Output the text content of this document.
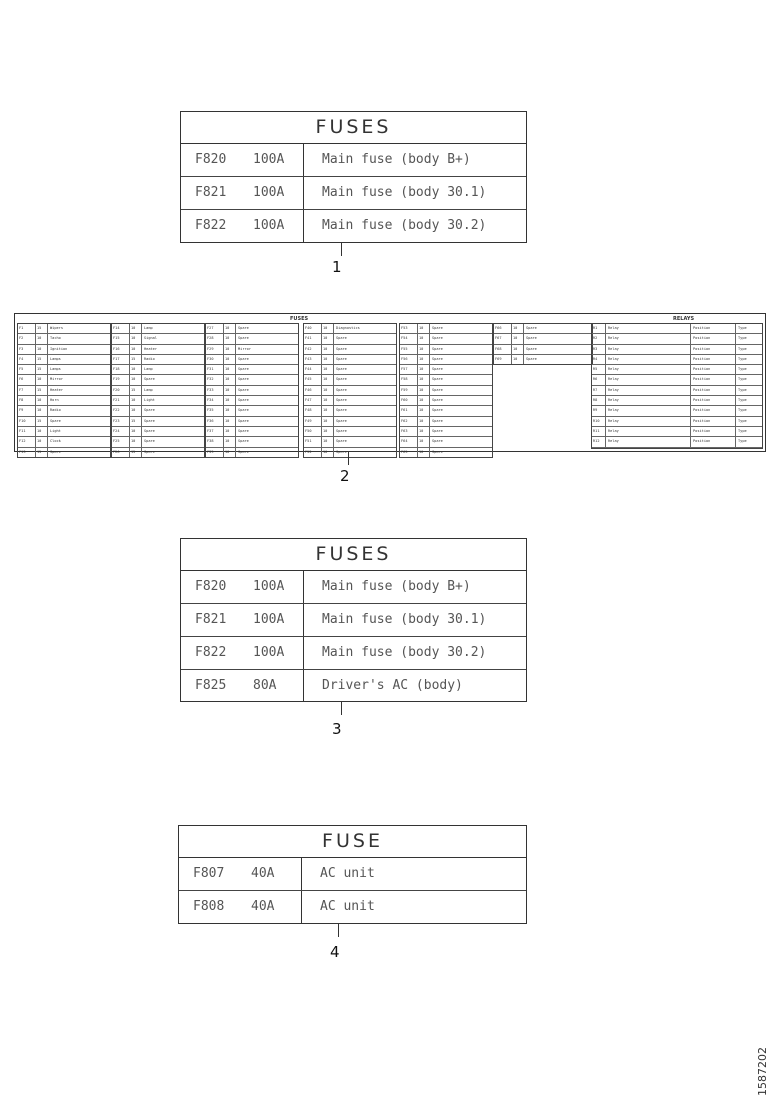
FUSES
F820	100A	Main fuse (body B+)
F821	100A	Main fuse (body 30.1)
F822	100A	Main fuse (body 30.2)
1
FUSES	RELAYS
F1	15	Wipers
F2	10	Tacho
F3	10	Ignition
F4	15	Lamps
F5	15	Lamps
F6	10	Mirror
F7	15	Heater
F8	10	Horn
F9	10	Radio
F10	15	Spare
F11	10	Light
F12	10	Clock
F13	15	Spare
F14	10	Lamp
F15	10	Signal
F16	10	Heater
F17	15	Radio
F18	10	Lamp
F19	10	Spare
F20	15	Lamp
F21	10	Light
F22	10	Spare
F23	15	Spare
F24	10	Spare
F25	10	Spare
F26	15	Spare
F27	10	Spare
F28	10	Spare
F29	10	Mirror
F30	10	Spare
F31	10	Spare
F32	10	Spare
F33	10	Spare
F34	10	Spare
F35	10	Spare
F36	10	Spare
F37	10	Spare
F38	10	Spare
F39	10	Spare
F40	10	Diagnostics
F41	10	Spare
F42	10	Spare
F43	10	Spare
F44	10	Spare
F45	10	Spare
F46	10	Spare
F47	10	Spare
F48	10	Spare
F49	10	Spare
F50	10	Spare
F51	10	Spare
F52	10	Spare
F53	10	Spare
F54	10	Spare
F55	10	Spare
F56	10	Spare
F57	10	Spare
F58	10	Spare
F59	10	Spare
F60	10	Spare
F61	10	Spare
F62	10	Spare
F63	10	Spare
F64	10	Spare
F65	10	Spare
F66	10	Spare
F67	10	Spare
F68	10	Spare
F69	10	Spare
R1	Relay	Position	Type
R2	Relay	Position	Type
R3	Relay	Position	Type
R4	Relay	Position	Type
R5	Relay	Position	Type
R6	Relay	Position	Type
R7	Relay	Position	Type
R8	Relay	Position	Type
R9	Relay	Position	Type
R10	Relay	Position	Type
R11	Relay	Position	Type
R12	Relay	Position	Type
2
FUSES
F820	100A	Main fuse (body B+)
F821	100A	Main fuse (body 30.1)
F822	100A	Main fuse (body 30.2)
F825	80A	Driver's AC (body)
3
FUSE
F807	40A	AC unit
F808	40A	AC unit
4
1587202
